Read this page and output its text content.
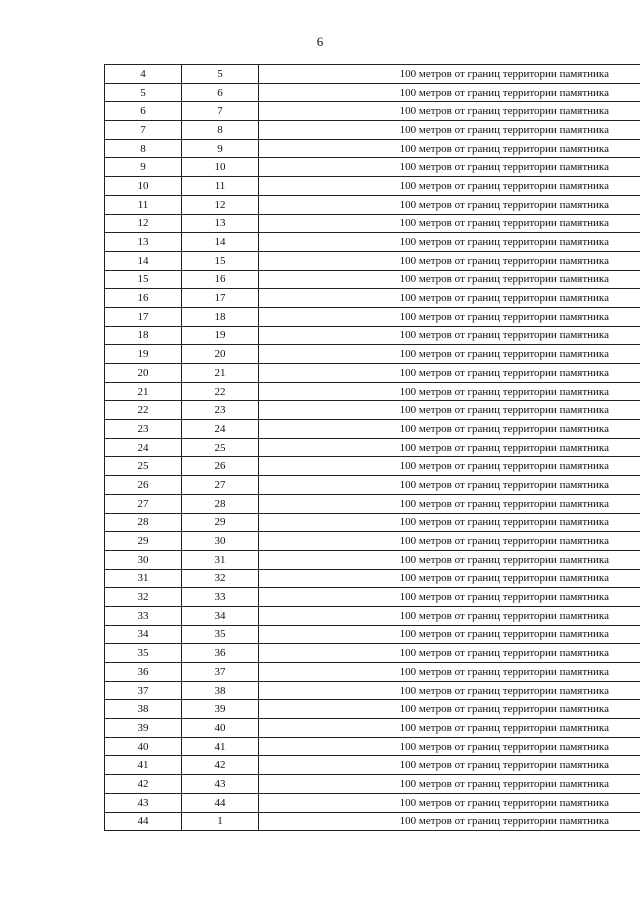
6
4	5	100 метров от границ территории памятника
5	6	100 метров от границ территории памятника
6	7	100 метров от границ территории памятника
7	8	100 метров от границ территории памятника
8	9	100 метров от границ территории памятника
9	10	100 метров от границ территории памятника
10	11	100 метров от границ территории памятника
11	12	100 метров от границ территории памятника
12	13	100 метров от границ территории памятника
13	14	100 метров от границ территории памятника
14	15	100 метров от границ территории памятника
15	16	100 метров от границ территории памятника
16	17	100 метров от границ территории памятника
17	18	100 метров от границ территории памятника
18	19	100 метров от границ территории памятника
19	20	100 метров от границ территории памятника
20	21	100 метров от границ территории памятника
21	22	100 метров от границ территории памятника
22	23	100 метров от границ территории памятника
23	24	100 метров от границ территории памятника
24	25	100 метров от границ территории памятника
25	26	100 метров от границ территории памятника
26	27	100 метров от границ территории памятника
27	28	100 метров от границ территории памятника
28	29	100 метров от границ территории памятника
29	30	100 метров от границ территории памятника
30	31	100 метров от границ территории памятника
31	32	100 метров от границ территории памятника
32	33	100 метров от границ территории памятника
33	34	100 метров от границ территории памятника
34	35	100 метров от границ территории памятника
35	36	100 метров от границ территории памятника
36	37	100 метров от границ территории памятника
37	38	100 метров от границ территории памятника
38	39	100 метров от границ территории памятника
39	40	100 метров от границ территории памятника
40	41	100 метров от границ территории памятника
41	42	100 метров от границ территории памятника
42	43	100 метров от границ территории памятника
43	44	100 метров от границ территории памятника
44	1	100 метров от границ территории памятника
